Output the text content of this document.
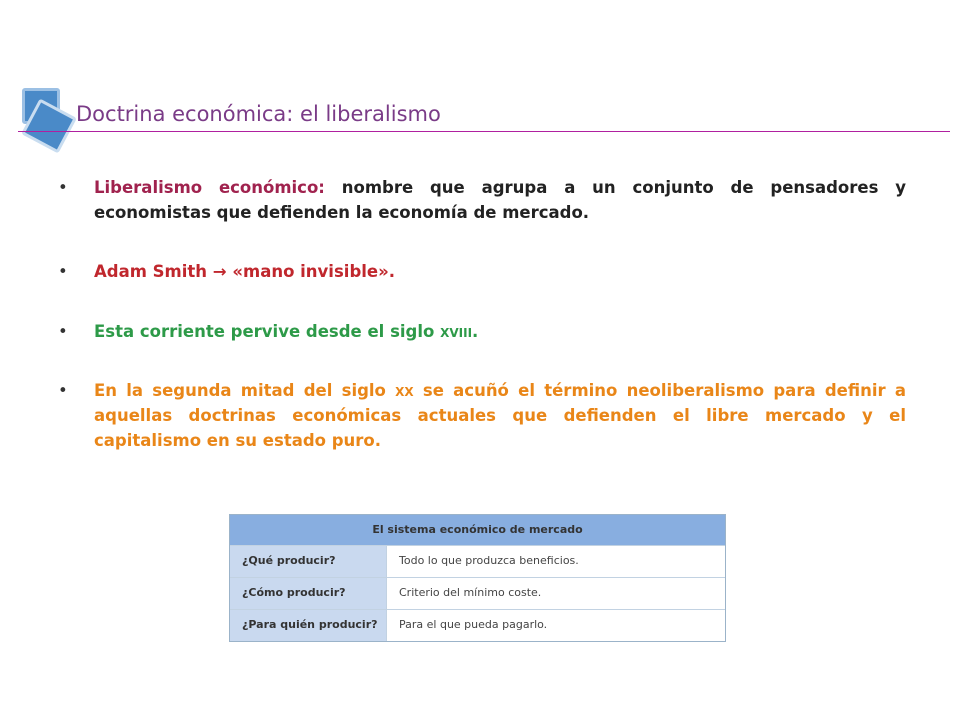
Doctrina económica: el liberalismo

• Liberalismo económico: nombre que agrupa a un conjunto de pensadores y economistas que defienden la economía de mercado.

• Adam Smith → «mano invisible».

• Esta corriente pervive desde el siglo xviii.

• En la segunda mitad del siglo xx se acuñó el término neoliberalismo para definir a aquellas doctrinas económicas actuales que defienden el libre mercado y el capitalismo en su estado puro.

El sistema económico de mercado
¿Qué producir?	Todo lo que produzca beneficios.
¿Cómo producir?	Criterio del mínimo coste.
¿Para quién producir?	Para el que pueda pagarlo.
